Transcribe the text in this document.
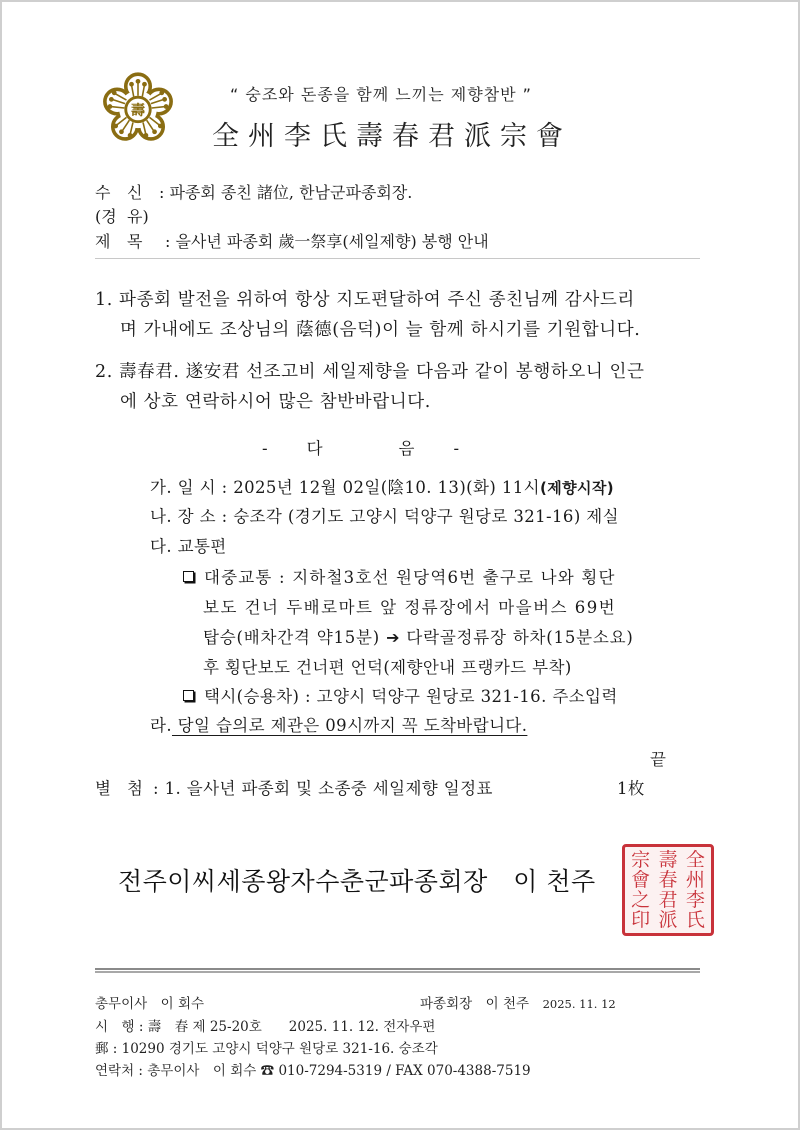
壽
“ 숭조와 돈종을 함께 느끼는 제향참반 ”
全州李氏壽春君派宗會
수 신 : 파종회 종친 諸位, 한남군파종회장.
(경 유)
제 목 : 을사년 파종회 歲一祭享(세일제향) 봉행 안내
1. 파종회 발전을 위하여 항상 지도편달하여 주신 종친님께 감사드리
며 가내에도 조상님의 蔭德(음덕)이 늘 함께 하시기를 기원합니다.
2. 壽春君. 遂安君 선조고비 세일제향을 다음과 같이 봉행하오니 인근
에 상호 연락하시어 많은 참반바랍니다.
-　　다　　　　음　　-
가. 일 시 : 2025년 12월 02일(陰10. 13)(화) 11시(제향시작)
나. 장 소 : 숭조각 (경기도 고양시 덕양구 원당로 321-16) 제실
다. 교통편
대중교통 : 지하철3호선 원당역6번 출구로 나와 횡단
보도 건너 두배로마트 앞 정류장에서 마을버스 69번
탑승(배차간격 약15분) ➔ 다락골정류장 하차(15분소요)
후 횡단보도 건너편 언덕(제향안내 프랭카드 부착)
택시(승용차) : 고양시 덕양구 원당로 321-16. 주소입력
라. 당일 습의로 제관은 09시까지 꼭 도착바랍니다.
끝
별 첨 : 1. 을사년 파종회 및 소종중 세일제향 일정표	1枚
전주이씨세종왕자수춘군파종회장　이 천주
全
州
李
氏
壽
春
君
派
宗
會
之
印
총무이사　이 회수	파종회장　이 천주　 2025. 11. 12
시　행 : 壽　春 제 25-20호　　2025. 11. 12. 전자우편
郵 : 10290 경기도 고양시 덕양구 원당로 321-16. 숭조각
연락처 : 총무이사　이 회수 ☎ 010-7294-5319 / FAX 070-4388-7519
